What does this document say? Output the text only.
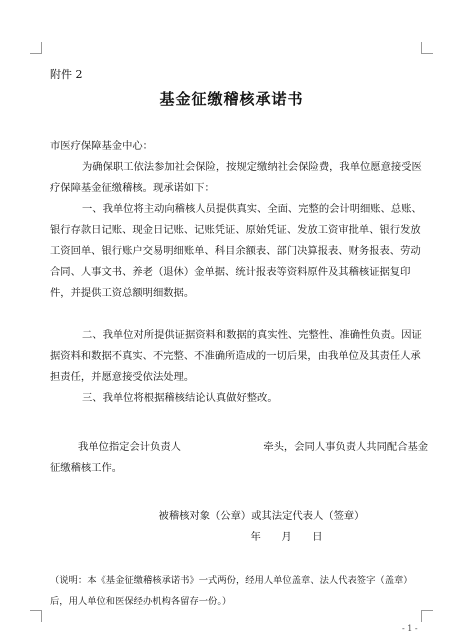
附件 2
基金征缴稽核承诺书
市医疗保障基金中心：

为确保职工依法参加社会保险，按规定缴纳社会保险费，我单位愿意接受医疗保障基金征缴稽核。现承诺如下：

一、我单位将主动向稽核人员提供真实、全面、完整的会计明细账、总账、银行存款日记账、现金日记账、记账凭证、原始凭证、发放工资审批单、银行发放工资回单、银行账户交易明细账单、科目余额表、部门决算报表、财务报表、劳动合同、人事文书、养老（退休）金单据、统计报表等资料原件及其稽核证据复印件，并提供工资总额明细数据。

二、我单位对所提供证据资料和数据的真实性、完整性、准确性负责。因证据资料和数据不真实、不完整、不准确所造成的一切后果，由我单位及其责任人承担责任，并愿意接受依法处理。

三、我单位将根据稽核结论认真做好整改。

我单位指定会计负责人　　　　　　　　牵头，会同人事负责人共同配合基金征缴稽核工作。

被稽核对象（公章）或其法定代表人（签章）
年　　月　　日

（说明：本《基金征缴稽核承诺书》一式两份，经用人单位盖章、法人代表签字（盖章）后，用人单位和医保经办机构各留存一份。）

- 1 -
